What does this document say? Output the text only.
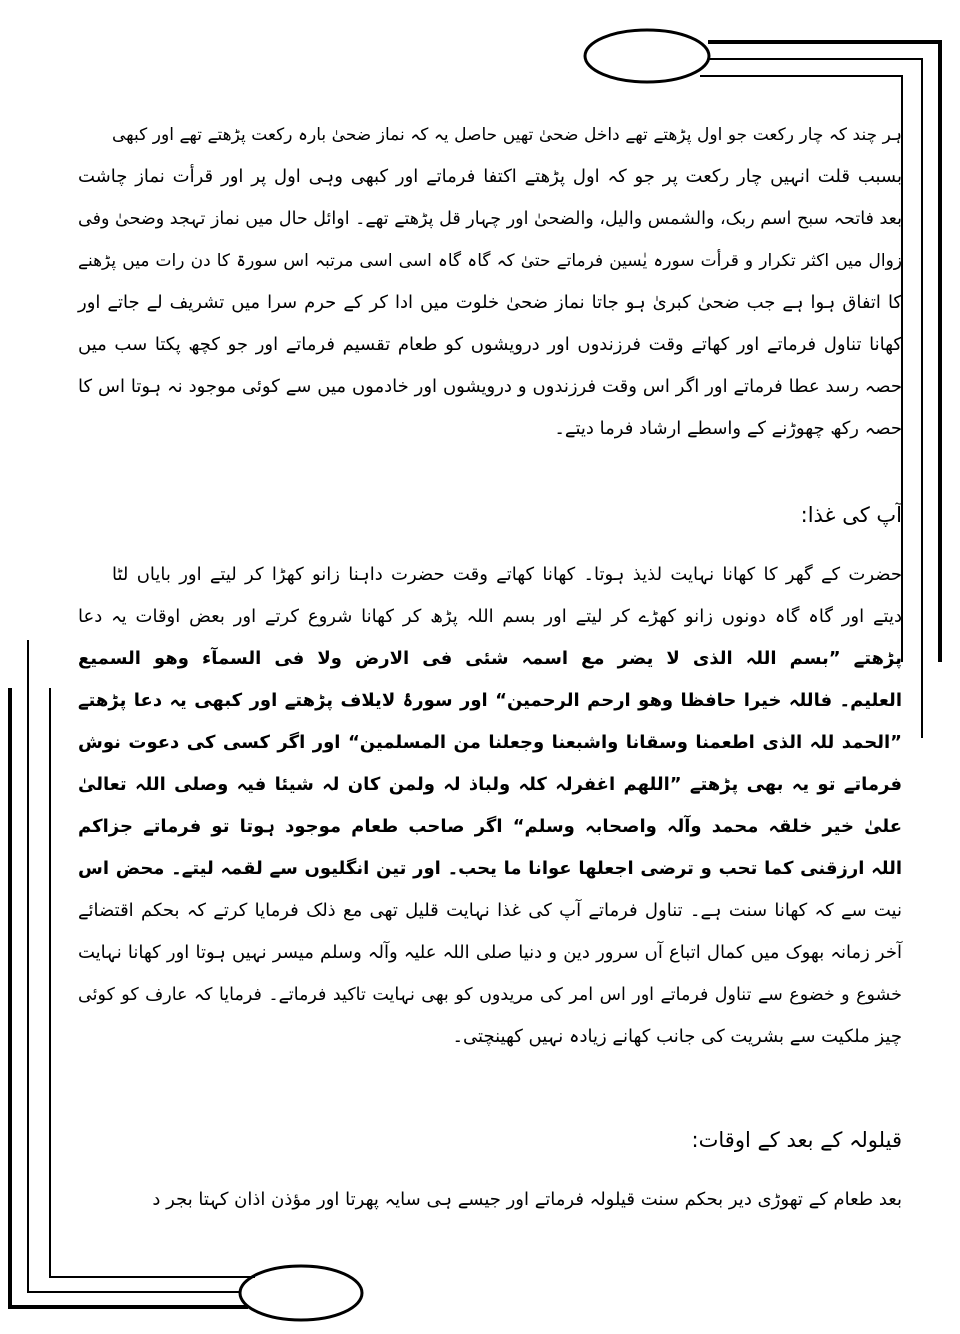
ہر چند کہ چار رکعت جو اول پڑھتے تھے داخل ضحیٰ تھیں حاصل یہ کہ نماز ضحیٰ بارہ رکعت پڑھتے تھے اور کبھی
بسبب قلت انہیں چار رکعت پر جو کہ اول پڑھتے اکتفا فرماتے اور کبھی وہی اول پر اور قرأت نماز چاشت
بعد فاتحہ سبح اسم ربک، والشمس والیل، والضحیٰ اور چہار قل پڑھتے تھے۔ اوائل حال میں نماز تہجد وضحیٰ وفی
زوال میں اکثر تکرار و قرأت سورہ یٰسین فرماتے حتیٰ کہ گاہ گاہ اسی اسی مرتبہ اس سورۃ کا دن رات میں پڑھنے
کا اتفاق ہوا ہے جب ضحیٰ کبریٰ ہو جاتا نماز ضحیٰ خلوت میں ادا کر کے حرم سرا میں تشریف لے جاتے اور
کھانا تناول فرماتے اور کھاتے وقت فرزندوں اور درویشوں کو طعام تقسیم فرماتے اور جو کچھ پکتا سب میں
حصہ رسد عطا فرماتے اور اگر اس وقت فرزندوں و درویشوں اور خادموں میں سے کوئی موجود نہ ہوتا اس کا
حصہ رکھ چھوڑنے کے واسطے ارشاد فرما دیتے۔
آپ کی غذا:
حضرت کے گھر کا کھانا نہایت لذیذ ہوتا۔ کھانا کھاتے وقت حضرت داہنا زانو کھڑا کر لیتے اور بایاں لٹا
دیتے اور گاہ گاہ دونوں زانو کھڑے کر لیتے اور بسم اللہ پڑھ کر کھانا شروع کرتے اور بعض اوقات یہ دعا
پڑھتے ”بسم اللہ الذی لا یضر مع اسمہ شئی فی الارض ولا فی السمآء وھو السمیع
العلیم۔ فاللہ خیرا حافظا وھو ارحم الرحمین“ اور سورۂ لایلاف پڑھتے اور کبھی یہ دعا پڑھتے
”الحمد للہ الذی اطعمنا وسقانا واشبعنا وجعلنا من المسلمین“ اور اگر کسی کی دعوت نوش
فرماتے تو یہ بھی پڑھتے ”اللھم اغفرلہ کلہ ولباذ لہ ولمن کان لہ شیئا فیہ وصلی اللہ تعالیٰ
علیٰ خیر خلقہ محمد وآلہ واصحابہ وسلم“ اگر صاحب طعام موجود ہوتا تو فرماتے جزاکم
اللہ ارزقنی کما تحب و ترضی اجعلھا عوانا ما یحب۔ اور تین انگلیوں سے لقمہ لیتے۔ محض اس
نیت سے کہ کھانا سنت ہے۔ تناول فرماتے آپ کی غذا نہایت قلیل تھی مع ذلک فرمایا کرتے کہ بحکم اقتضائے
آخر زمانہ بھوک میں کمال اتباع آں سرور دین و دنیا صلی اللہ علیہ وآلہ وسلم میسر نہیں ہوتا اور کھانا نہایت
خشوع و خضوع سے تناول فرماتے اور اس امر کی مریدوں کو بھی نہایت تاکید فرماتے۔ فرمایا کہ عارف کو کوئی
چیز ملکیت سے بشریت کی جانب کھانے زیادہ نہیں کھینچتی۔
قیلولہ کے بعد کے اوقات:
بعد طعام کے تھوڑی دیر بحکم سنت قیلولہ فرماتے اور جیسے ہی سایہ پھرتا اور مؤذن اذان کہتا بجر د
